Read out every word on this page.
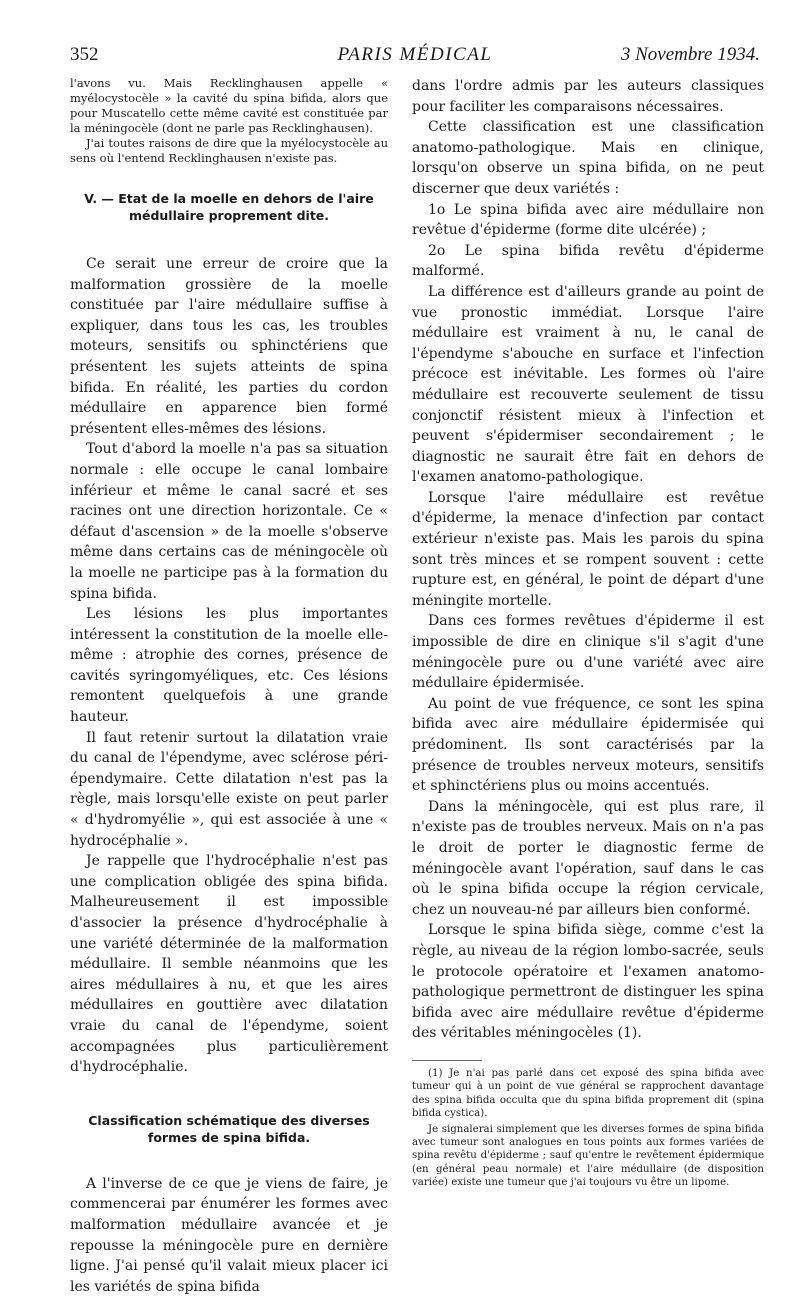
352	PARIS MÉDICAL	3 Novembre 1934.

l'avons vu. Mais Recklinghausen appelle « myélocystocèle » la cavité du spina bifida, alors que pour Muscatello cette même cavité est constituée par la méningocèle (dont ne parle pas Recklinghausen).

J'ai toutes raisons de dire que la myélocystocèle au sens où l'entend Recklinghausen n'existe pas.

V. — Etat de la moelle en dehors de l'aire médullaire proprement dite.

Ce serait une erreur de croire que la malformation grossière de la moelle constituée par l'aire médullaire suffise à expliquer, dans tous les cas, les troubles moteurs, sensitifs ou sphinctériens que présentent les sujets atteints de spina bifida. En réalité, les parties du cordon médullaire en apparence bien formé présentent elles-mêmes des lésions.

Tout d'abord la moelle n'a pas sa situation normale : elle occupe le canal lombaire inférieur et même le canal sacré et ses racines ont une direction horizontale. Ce « défaut d'ascension » de la moelle s'observe même dans certains cas de méningocèle où la moelle ne participe pas à la formation du spina bifida.

Les lésions les plus importantes intéressent la constitution de la moelle elle-même : atrophie des cornes, présence de cavités syringomyéliques, etc. Ces lésions remontent quelquefois à une grande hauteur.

Il faut retenir surtout la dilatation vraie du canal de l'épendyme, avec sclérose péri-épendymaire. Cette dilatation n'est pas la règle, mais lorsqu'elle existe on peut parler « d'hydromyélie », qui est associée à une « hydrocéphalie ».

Je rappelle que l'hydrocéphalie n'est pas une complication obligée des spina bifida. Malheureusement il est impossible d'associer la présence d'hydrocéphalie à une variété déterminée de la malformation médullaire. Il semble néanmoins que les aires médullaires à nu, et que les aires médullaires en gouttière avec dilatation vraie du canal de l'épendyme, soient accompagnées plus particulièrement d'hydrocéphalie.

Classification schématique des diverses formes de spina bifida.

A l'inverse de ce que je viens de faire, je commencerai par énumérer les formes avec malformation médullaire avancée et je repousse la méningocèle pure en dernière ligne. J'ai pensé qu'il valait mieux placer ici les variétés de spina bifida

dans l'ordre admis par les auteurs classiques pour faciliter les comparaisons nécessaires.

Cette classification est une classification anatomo-pathologique. Mais en clinique, lorsqu'on observe un spina bifida, on ne peut discerner que deux variétés :

1o Le spina bifida avec aire médullaire non revêtue d'épiderme (forme dite ulcérée) ;

2o Le spina bifida revêtu d'épiderme malformé.

La différence est d'ailleurs grande au point de vue pronostic immédiat. Lorsque l'aire médullaire est vraiment à nu, le canal de l'épendyme s'abouche en surface et l'infection précoce est inévitable. Les formes où l'aire médullaire est recouverte seulement de tissu conjonctif résistent mieux à l'infection et peuvent s'épidermiser secondairement ; le diagnostic ne saurait être fait en dehors de l'examen anatomo-pathologique.

Lorsque l'aire médullaire est revêtue d'épiderme, la menace d'infection par contact extérieur n'existe pas. Mais les parois du spina sont très minces et se rompent souvent : cette rupture est, en général, le point de départ d'une méningite mortelle.

Dans ces formes revêtues d'épiderme il est impossible de dire en clinique s'il s'agit d'une méningocèle pure ou d'une variété avec aire médullaire épidermisée.

Au point de vue fréquence, ce sont les spina bifida avec aire médullaire épidermisée qui prédominent. Ils sont caractérisés par la présence de troubles nerveux moteurs, sensitifs et sphinctériens plus ou moins accentués.

Dans la méningocèle, qui est plus rare, il n'existe pas de troubles nerveux. Mais on n'a pas le droit de porter le diagnostic ferme de méningocèle avant l'opération, sauf dans le cas où le spina bifida occupe la région cervicale, chez un nouveau-né par ailleurs bien conformé.

Lorsque le spina bifida siège, comme c'est la règle, au niveau de la région lombo-sacrée, seuls le protocole opératoire et l'examen anatomo-pathologique permettront de distinguer les spina bifida avec aire médullaire revêtue d'épiderme des véritables méningocèles (1).

(1) Je n'ai pas parlé dans cet exposé des spina bifida avec tumeur qui à un point de vue général se rapprochent davantage des spina bifida occulta que du spina bifida proprement dit (spina bifida cystica).

Je signalerai simplement que les diverses formes de spina bifida avec tumeur sont analogues en tous points aux formes variées de spina revêtu d'épiderme ; sauf qu'entre le revêtement épidermique (en général peau normale) et l'aire médullaire (de disposition variée) existe une tumeur que j'ai toujours vu être un lipome.
